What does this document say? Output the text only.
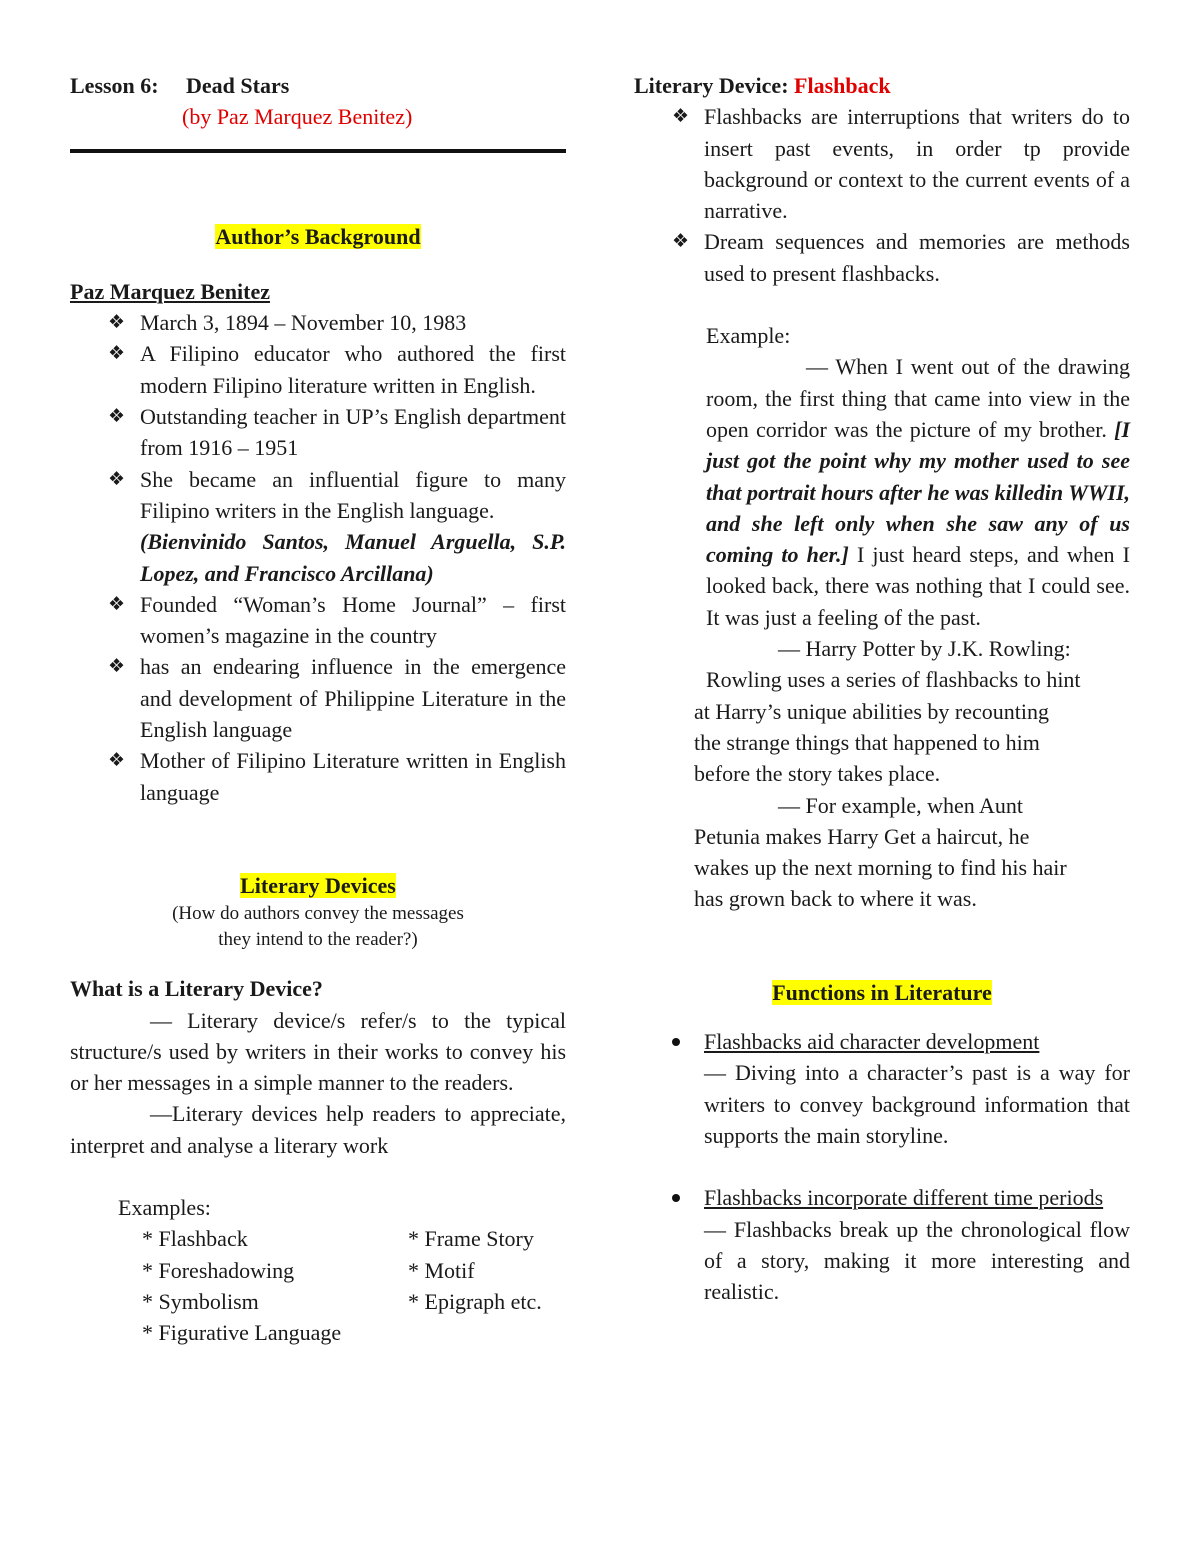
Lesson 6:	Dead Stars
(by Paz Marquez Benitez)

Author’s Background

Paz Marquez Benitez

❖ March 3, 1894 – November 10, 1983
❖ A Filipino educator who authored the first modern Filipino literature written in English.
❖ Outstanding teacher in UP’s English department from 1916 – 1951
❖ She became an influential figure to many Filipino writers in the English language.
(Bienvinido Santos, Manuel Arguella, S.P. Lopez, and Francisco Arcillana)
❖ Founded “Woman’s Home Journal” – first women’s magazine in the country
❖ has an endearing influence in the emergence and development of Philippine Literature in the English language
❖ Mother of Filipino Literature written in English language

Literary Devices

(How do authors convey the messages

they intend to the reader?)

What is a Literary Device?

— Literary device/s refer/s to the typical structure/s used by writers in their works to convey his or her messages in a simple manner to the readers.

—Literary devices help readers to appreciate, interpret and analyse a literary work

Examples:

* Flashback	* Frame Story
* Foreshadowing	* Motif
* Symbolism	* Epigraph etc.
* Figurative Language

Literary Device: Flashback

❖ Flashbacks are interruptions that writers do to insert past events, in order tp provide background or context to the current events of a narrative.
❖ Dream sequences and memories are methods used to present flashbacks.

Example:

— When I went out of the drawing room, the first thing that came into view in the open corridor was the picture of my brother. [I just got the point why my mother used to see that portrait hours after he was killedin WWII, and she left only when she saw any of us coming to her.] I just heard steps, and when I looked back, there was nothing that I could see. It was just a feeling of the past.

— Harry Potter by J.K. Rowling:

Rowling uses a series of flashbacks to hint

at Harry’s unique abilities by recounting

the strange things that happened to him

before the story takes place.

— For example, when Aunt

Petunia makes Harry Get a haircut, he

wakes up the next morning to find his hair

has grown back to where it was.

Functions in Literature

Flashbacks aid character development
— Diving into a character’s past is a way for writers to convey background information that supports the main storyline.
Flashbacks incorporate different time periods
— Flashbacks break up the chronological flow of a story, making it more interesting and realistic.
